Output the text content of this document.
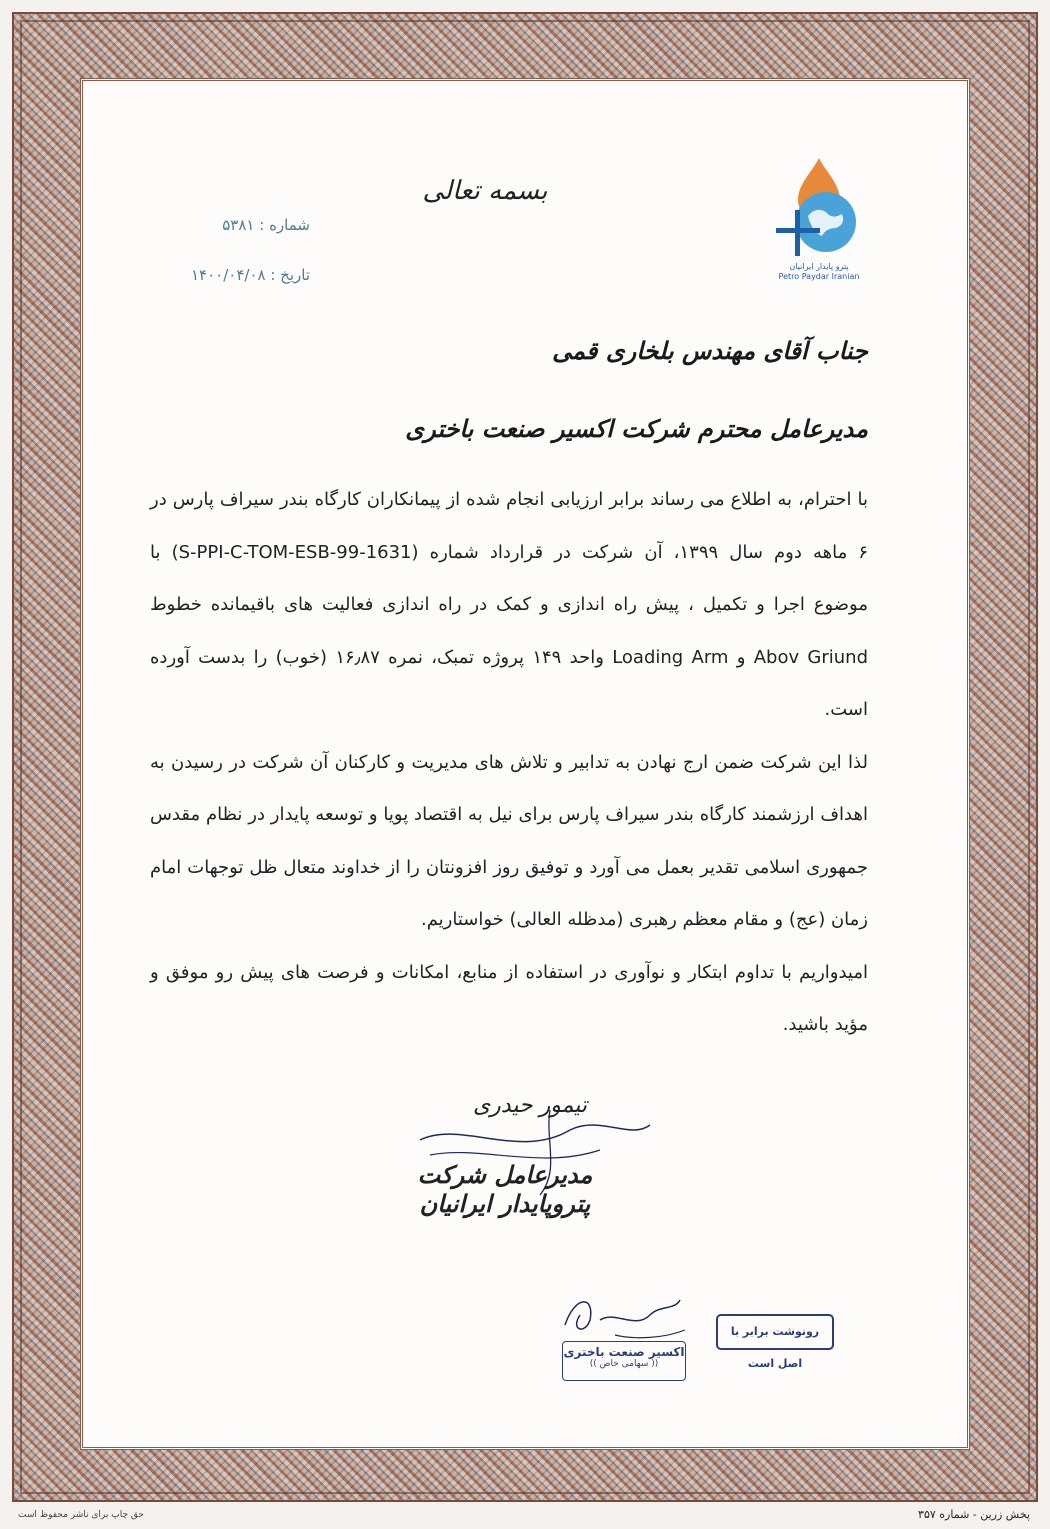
بسمه تعالی
شماره : ۵۳۸۱
تاریخ : ۱۴۰۰/۰۴/۰۸	پترو پایدار ایرانیان
Petro Paydar Iranian
جناب آقای مهندس بلخاری قمی
مدیرعامل محترم شرکت اکسیر صنعت باختری

با احترام، به اطلاع می رساند برابر ارزیابی انجام شده از پیمانکاران کارگاه بندر سیراف پارس در ۶ ماهه دوم سال ۱۳۹۹، آن شرکت در قرارداد شماره (S-PPI-C-TOM-ESB-99-1631) با موضوع اجرا و تکمیل ، پیش راه اندازی و کمک در راه اندازی فعالیت های باقیمانده خطوط Abov Griund و Loading Arm واحد ۱۴۹ پروژه تمبک، نمره ۱۶٫۸۷ (خوب) را بدست آورده است.

لذا این شرکت ضمن ارج نهادن به تدابیر و تلاش های مدیریت و کارکنان آن شرکت در رسیدن به اهداف ارزشمند کارگاه بندر سیراف پارس برای نیل به اقتصاد پویا و توسعه پایدار در نظام مقدس جمهوری اسلامی تقدیر بعمل می آورد و توفیق روز افزونتان را از خداوند متعال ظل توجهات امام زمان (عج) و مقام معظم رهبری (مدظله العالی) خواستاریم.

امیدواریم با تداوم ابتکار و نوآوری در استفاده از منابع، امکانات و فرصت های پیش رو موفق و مؤید باشید.

تیمور حیدری
مدیرعامل شرکت پتروپایدار ایرانیان
اکسیر صنعت باختری
(( سهامی خاص ))
رونوشت برابر با اصل است
حق چاپ برای ناشر محفوظ است	پخش زرین - شماره ۳۵۷
